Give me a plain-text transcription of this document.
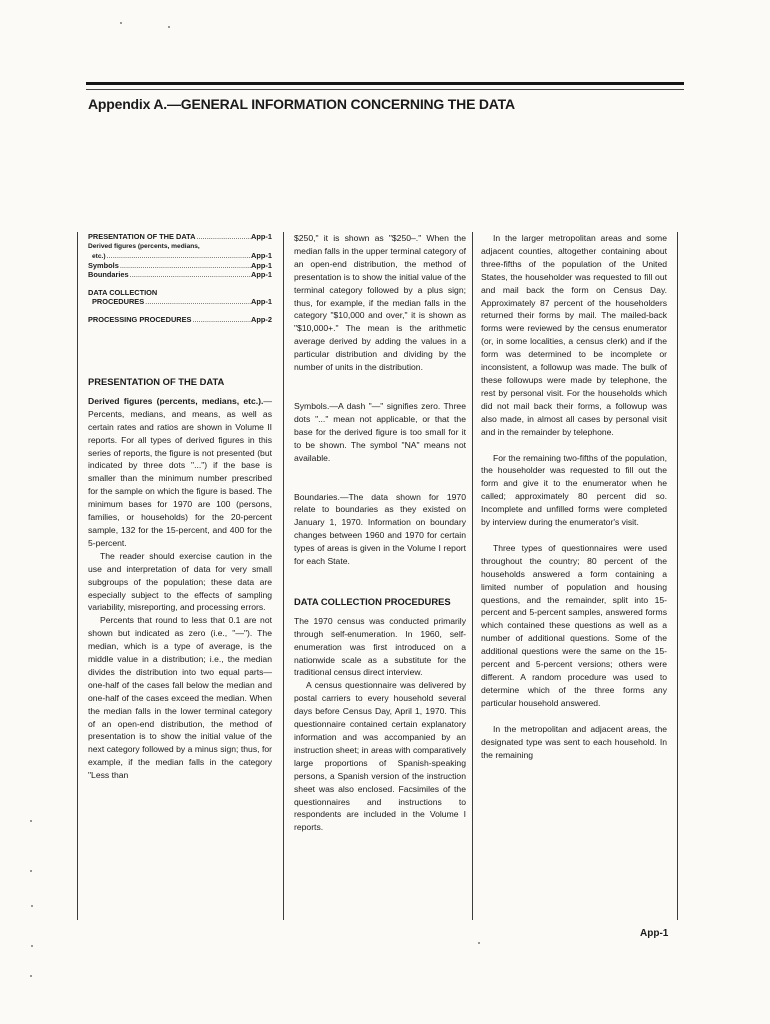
Appendix A.—GENERAL INFORMATION CONCERNING THE DATA
PRESENTATION OF THE DATA .....	App-1
Derived figures (percents, medians,
etc.) .....	App-1
Symbols .....	App-1
Boundaries .....	App-1
DATA COLLECTION
PROCEDURES .....	App-1
PROCESSING PROCEDURES .....	App-2
PRESENTATION OF THE DATA

Derived figures (percents, medians, etc.).—Percents, medians, and means, as well as certain rates and ratios are shown in Volume II reports. For all types of derived figures in this series of reports, the figure is not presented (but indicated by three dots "...") if the base is smaller than the minimum number prescribed for the sample on which the figure is based. The minimum bases for 1970 are 100 (persons, families, or households) for the 20-percent sample, 132 for the 15-percent, and 400 for the 5-percent.

The reader should exercise caution in the use and interpretation of data for very small subgroups of the population; these data are especially subject to the effects of sampling variability, misreporting, and processing errors.

Percents that round to less that 0.1 are not shown but indicated as zero (i.e., "—"). The median, which is a type of average, is the middle value in a distribution; i.e., the median divides the distribution into two equal parts—one-half of the cases fall below the median and one-half of the cases exceed the median. When the median falls in the lower terminal category of an open-end distribution, the method of presentation is to show the initial value of the next category followed by a minus sign; thus, for example, if the median falls in the category "Less than

$250," it is shown as "$250–." When the median falls in the upper terminal category of an open-end distribution, the method of presentation is to show the initial value of the terminal category followed by a plus sign; thus, for example, if the median falls in the category "$10,000 and over," it is shown as "$10,000+." The mean is the arithmetic average derived by adding the values in a particular distribution and dividing by the number of units in the distribution.

Symbols.—A dash "—" signifies zero. Three dots "..." mean not applicable, or that the base for the derived figure is too small for it to be shown. The symbol "NA" means not available.

Boundaries.—The data shown for 1970 relate to boundaries as they existed on January 1, 1970. Information on boundary changes between 1960 and 1970 for certain types of areas is given in the Volume I report for each State.

DATA COLLECTION PROCEDURES

The 1970 census was conducted primarily through self-enumeration. In 1960, self-enumeration was first introduced on a nationwide scale as a substitute for the traditional census direct interview.

A census questionnaire was delivered by postal carriers to every household several days before Census Day, April 1, 1970. This questionnaire contained certain explanatory information and was accompanied by an instruction sheet; in areas with comparatively large proportions of Spanish-speaking persons, a Spanish version of the instruction sheet was also enclosed. Facsimiles of the questionnaires and instructions to respondents are included in the Volume I reports.

In the larger metropolitan areas and some adjacent counties, altogether containing about three-fifths of the population of the United States, the householder was requested to fill out and mail back the form on Census Day. Approximately 87 percent of the householders returned their forms by mail. The mailed-back forms were reviewed by the census enumerator (or, in some localities, a census clerk) and if the form was determined to be incomplete or inconsistent, a followup was made. The bulk of these followups were made by telephone, the rest by personal visit. For the households which did not mail back their forms, a followup was also made, in almost all cases by personal visit and in the remainder by telephone.

For the remaining two-fifths of the population, the householder was requested to fill out the form and give it to the enumerator when he called; approximately 80 percent did so. Incomplete and unfilled forms were completed by interview during the enumerator's visit.

Three types of questionnaires were used throughout the country; 80 percent of the households answered a form containing a limited number of population and housing questions, and the remainder, split into 15-percent and 5-percent samples, answered forms which contained these questions as well as a number of additional questions. Some of the additional questions were the same on the 15-percent and 5-percent versions; others were different. A random procedure was used to determine which of the three forms any particular household answered.

In the metropolitan and adjacent areas, the designated type was sent to each household. In the remaining

App-1
